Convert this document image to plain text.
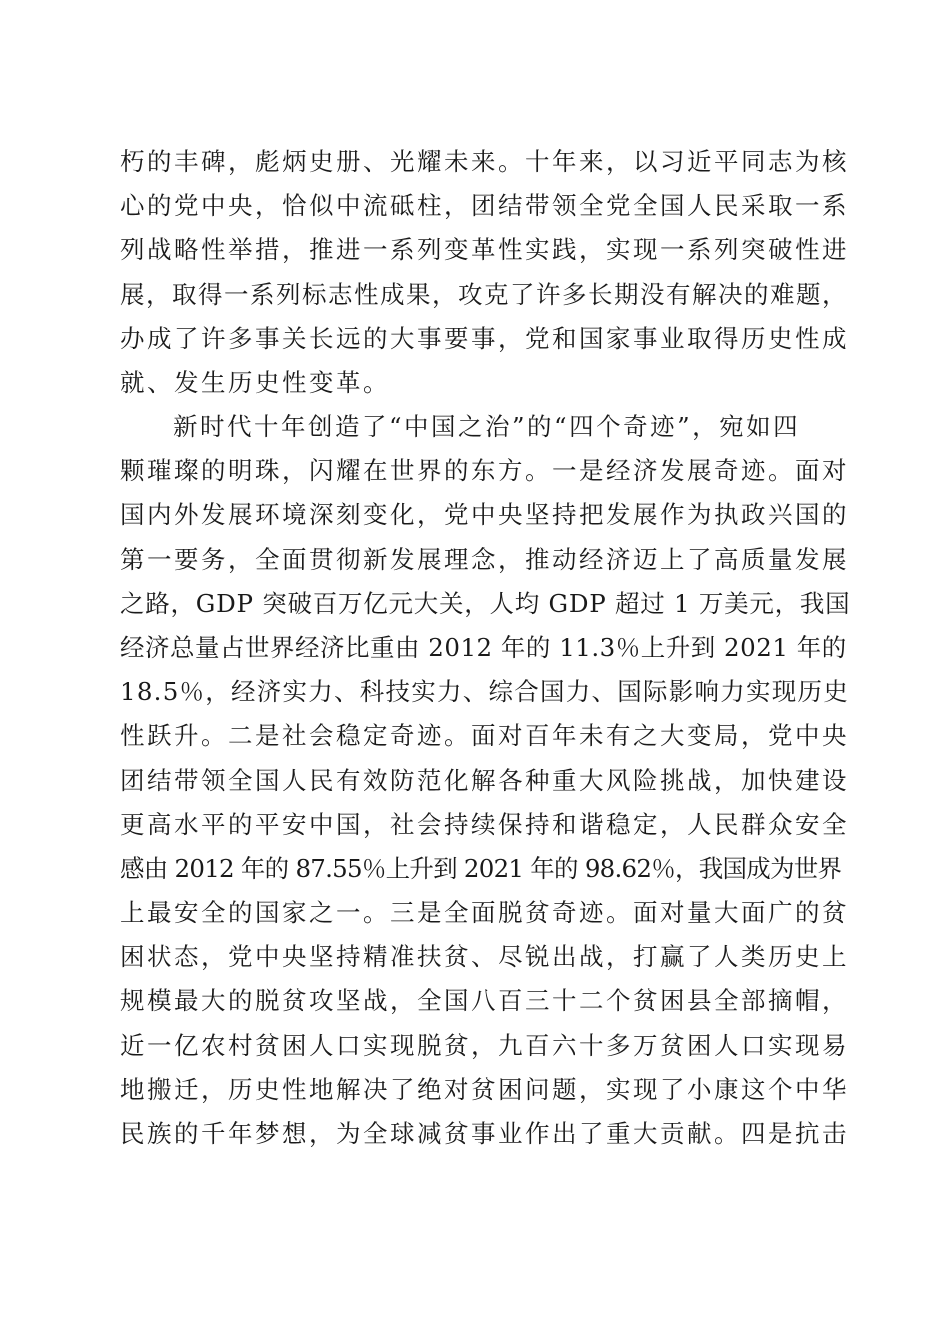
朽的丰碑，彪炳史册、光耀未来。十年来，以习近平同志为核
心的党中央，恰似中流砥柱，团结带领全党全国人民采取一系
列战略性举措，推进一系列变革性实践，实现一系列突破性进
展，取得一系列标志性成果，攻克了许多长期没有解决的难题，
办成了许多事关长远的大事要事，党和国家事业取得历史性成
就、发生历史性变革。
新时代十年创造了“中国之治”的“四个奇迹”，宛如四
颗璀璨的明珠，闪耀在世界的东方。一是经济发展奇迹。面对
国内外发展环境深刻变化，党中央坚持把发展作为执政兴国的
第一要务，全面贯彻新发展理念，推动经济迈上了高质量发展
之路，GDP 突破百万亿元大关，人均 GDP 超过 1 万美元，我国
经济总量占世界经济比重由 2012 年的 11.3％上升到 2021 年的
18.5％，经济实力、科技实力、综合国力、国际影响力实现历史
性跃升。二是社会稳定奇迹。面对百年未有之大变局，党中央
团结带领全国人民有效防范化解各种重大风险挑战，加快建设
更高水平的平安中国，社会持续保持和谐稳定，人民群众安全
感由 2012 年的 87.55％上升到 2021 年的 98.62％，我国成为世界
上最安全的国家之一。三是全面脱贫奇迹。面对量大面广的贫
困状态，党中央坚持精准扶贫、尽锐出战，打赢了人类历史上
规模最大的脱贫攻坚战，全国八百三十二个贫困县全部摘帽，
近一亿农村贫困人口实现脱贫，九百六十多万贫困人口实现易
地搬迁，历史性地解决了绝对贫困问题，实现了小康这个中华
民族的千年梦想，为全球减贫事业作出了重大贡献。四是抗击
